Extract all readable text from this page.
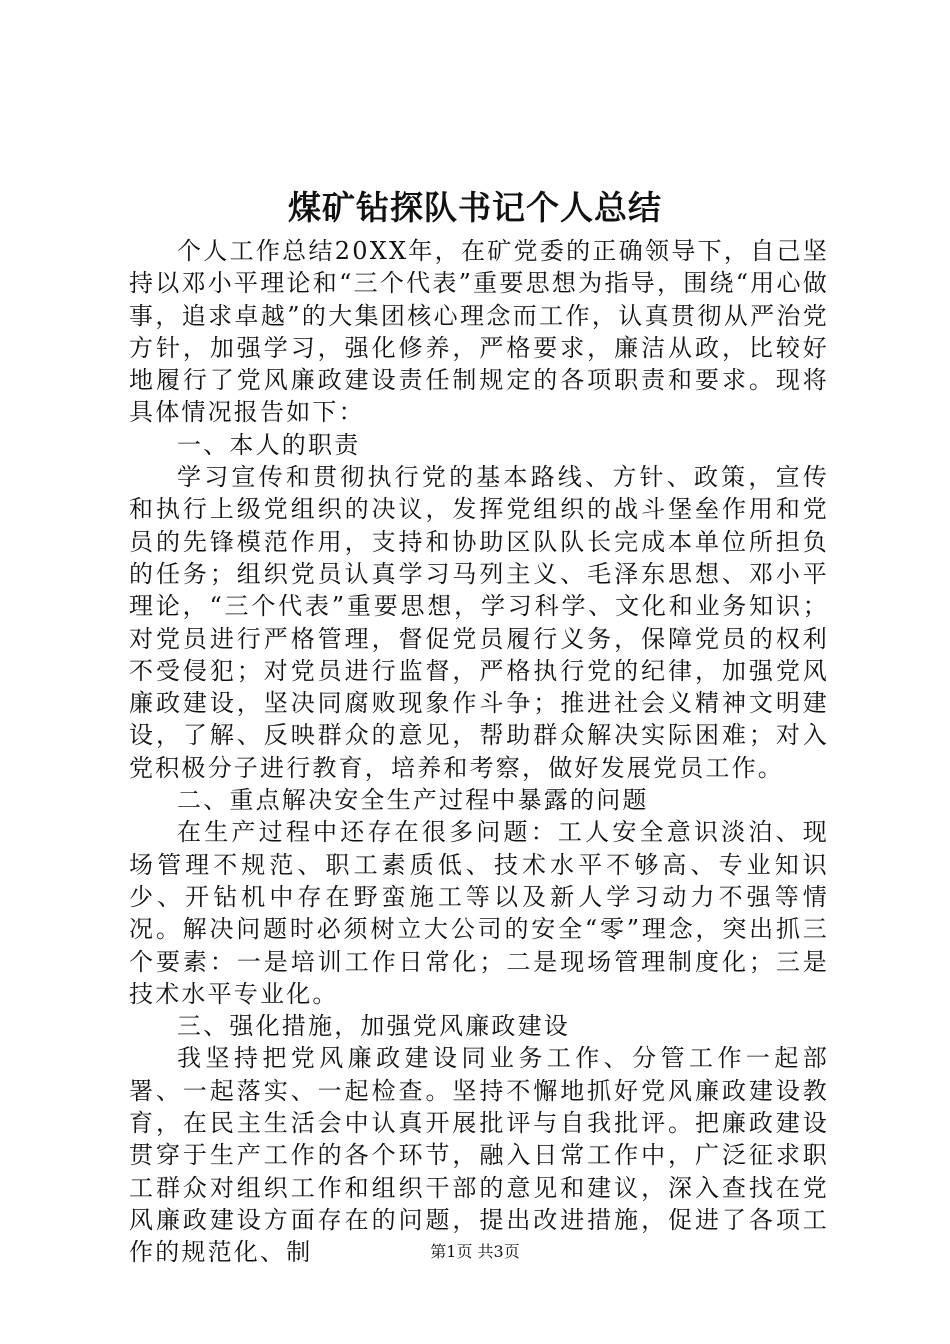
煤矿钻探队书记个人总结

个人工作总结20XX年，在矿党委的正确领导下，自己坚持以邓小平理论和“三个代表”重要思想为指导，围绕“用心做事，追求卓越”的大集团核心理念而工作，认真贯彻从严治党方针，加强学习，强化修养，严格要求，廉洁从政，比较好地履行了党风廉政建设责任制规定的各项职责和要求。现将具体情况报告如下：

一、本人的职责

学习宣传和贯彻执行党的基本路线、方针、政策，宣传和执行上级党组织的决议，发挥党组织的战斗堡垒作用和党员的先锋模范作用，支持和协助区队队长完成本单位所担负的任务；组织党员认真学习马列主义、毛泽东思想、邓小平理论，“三个代表”重要思想，学习科学、文化和业务知识；对党员进行严格管理，督促党员履行义务，保障党员的权利不受侵犯；对党员进行监督，严格执行党的纪律，加强党风廉政建设，坚决同腐败现象作斗争；推进社会义精神文明建设，了解、反映群众的意见，帮助群众解决实际困难；对入党积极分子进行教育，培养和考察，做好发展党员工作。

二、重点解决安全生产过程中暴露的问题

在生产过程中还存在很多问题：工人安全意识淡泊、现场管理不规范、职工素质低、技术水平不够高、专业知识少、开钻机中存在野蛮施工等以及新人学习动力不强等情况。解决问题时必须树立大公司的安全“零”理念，突出抓三个要素：一是培训工作日常化；二是现场管理制度化；三是技术水平专业化。

三、强化措施，加强党风廉政建设

我坚持把党风廉政建设同业务工作、分管工作一起部署、一起落实、一起检查。坚持不懈地抓好党风廉政建设教育，在民主生活会中认真开展批评与自我批评。把廉政建设贯穿于生产工作的各个环节，融入日常工作中，广泛征求职工群众对组织工作和组织干部的意见和建议，深入查找在党风廉政建设方面存在的问题，提出改进措施，促进了各项工作的规范化、制	第1页 共3页
